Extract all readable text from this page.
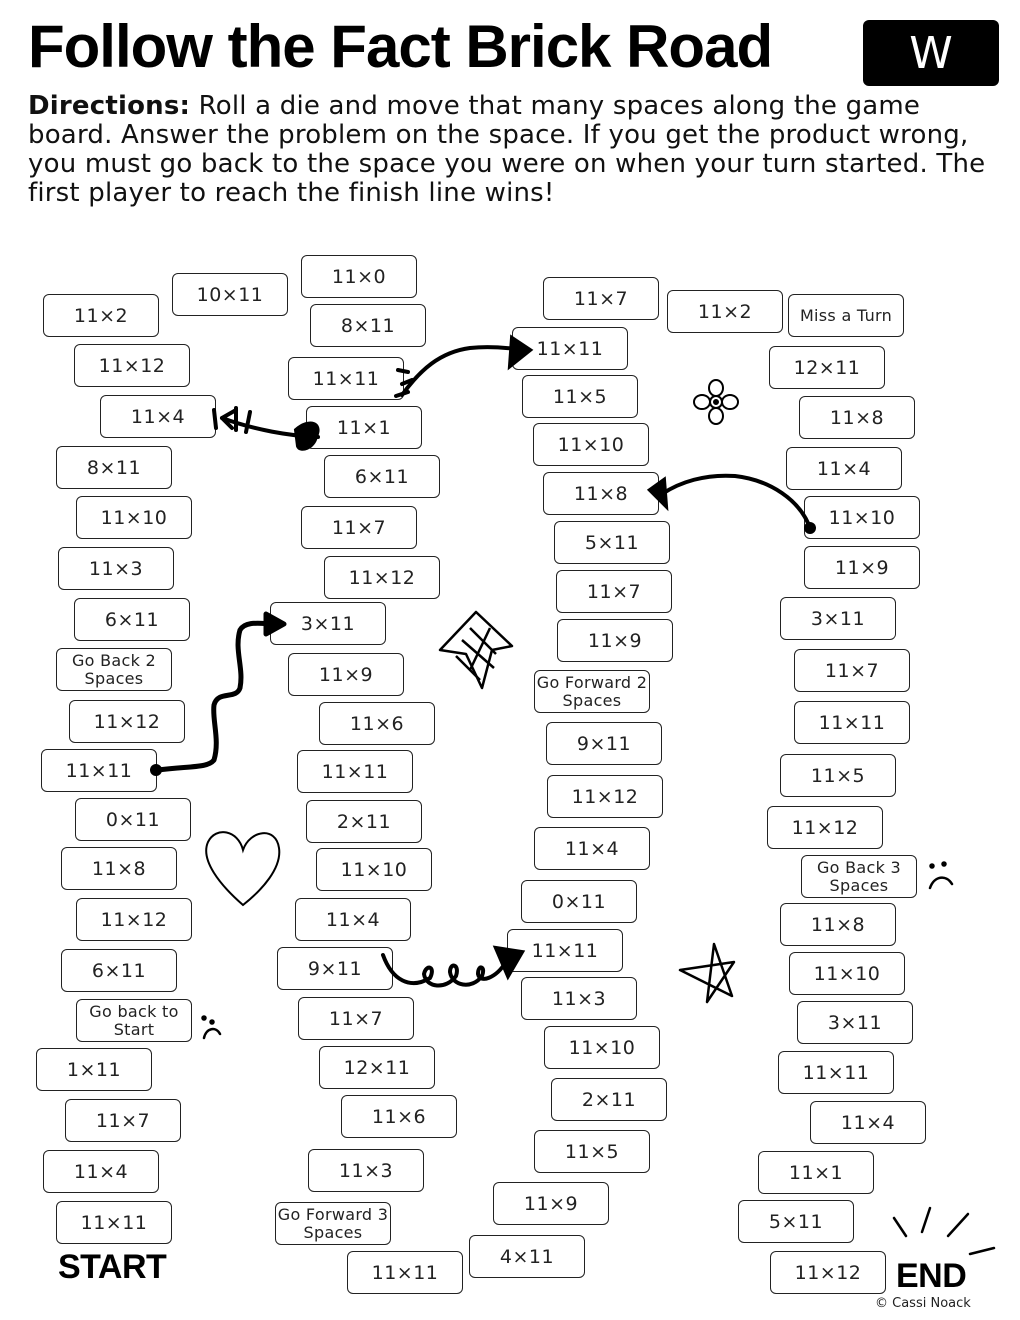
Follow the Fact Brick Road	W
Directions: Roll a die and move that many spaces along the game board. Answer the problem on the space. If you get the product wrong, you must go back to the space you were on when your turn started. The first player to reach the finish line wins!
11×2
10×11
11×12
11×4
8×11
11×10
11×3
6×11
Go Back 2 Spaces
11×12
11×11
0×11
11×8
11×12
6×11
Go back to Start
1×11
11×7
11×4
11×11
11×0
8×11
11×11
11×1
6×11
11×7
11×12
3×11
11×9
11×6
11×11
2×11
11×10
11×4
9×11
11×7
12×11
11×6
11×3
Go Forward 3 Spaces
11×11
11×7
11×11
11×5
11×10
11×8
5×11
11×7
11×9
Go Forward 2 Spaces
9×11
11×12
11×4
0×11
11×11
11×3
11×10
2×11
11×5
11×9
4×11
11×2	Miss a Turn
12×11
11×8
11×4
11×10
11×9
3×11
11×7
11×11
11×5
11×12
Go Back 3 Spaces
11×8
11×10
3×11
11×11
11×4
11×1
5×11
11×12
START	END
© Cassi Noack
